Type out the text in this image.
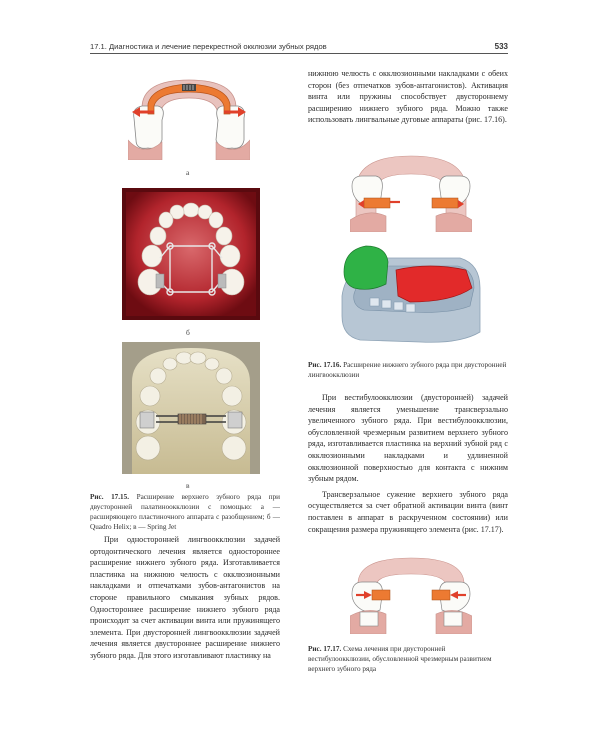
17.1. Диагностика и лечение перекрестной окклюзии зубных рядов	533
а
б
в
Рис. 17.15. Расширение верхнего зубного ряда при двусторонней палатиноокклюзии с помощью: а — расширяющего пластиночного аппарата с разобщением; б — Quadro Helix; в — Spring Jet

При односторонней лингвоокклюзии задачей ортодонтического лечения является одностороннее расширение нижнего зубного ряда. Изготавливается пластинка на нижнюю челюсть с окклюзионными накладками и отпечатками зубов-антагонистов на стороне правильного смыкания зубных рядов. Одностороннее расширение нижнего зубного ряда происходит за счет активации винта или пружинящего элемента. При двусторонней лингвоокклюзии задачей лечения является двустороннее расширение нижнего зубного ряда. Для этого изготавливают пластинку на

нижнюю челюсть с окклюзионными накладками с обеих сторон (без отпечатков зубов-антагонистов). Активация винта или пружины способствует двустороннему расширению нижнего зубного ряда. Можно также использовать лингвальные дуговые аппараты (рис. 17.16).

Рис. 17.16. Расширение нижнего зубного ряда при двусторонней лингвоокклюзии

При вестибулоокклюзии (двусторонней) задачей лечения является уменьшение трансверзально увеличенного зубного ряда. При вестибулоокклюзии, обусловленной чрезмерным развитием верхнего зубного ряда, изготавливается пластинка на верхний зубной ряд с окклюзионными накладками и удлиненной окклюзионной поверхностью для контакта с нижним зубным рядом.

Трансверзальное сужение верхнего зубного ряда осуществляется за счет обратной активации винта (винт поставлен в аппарат в раскрученном состоянии) или сокращения размера пружинящего элемента (рис. 17.17).

Рис. 17.17. Схема лечения при двусторонней вестибулоокклюзии, обусловленной чрезмерным развитием верхнего зубного ряда
